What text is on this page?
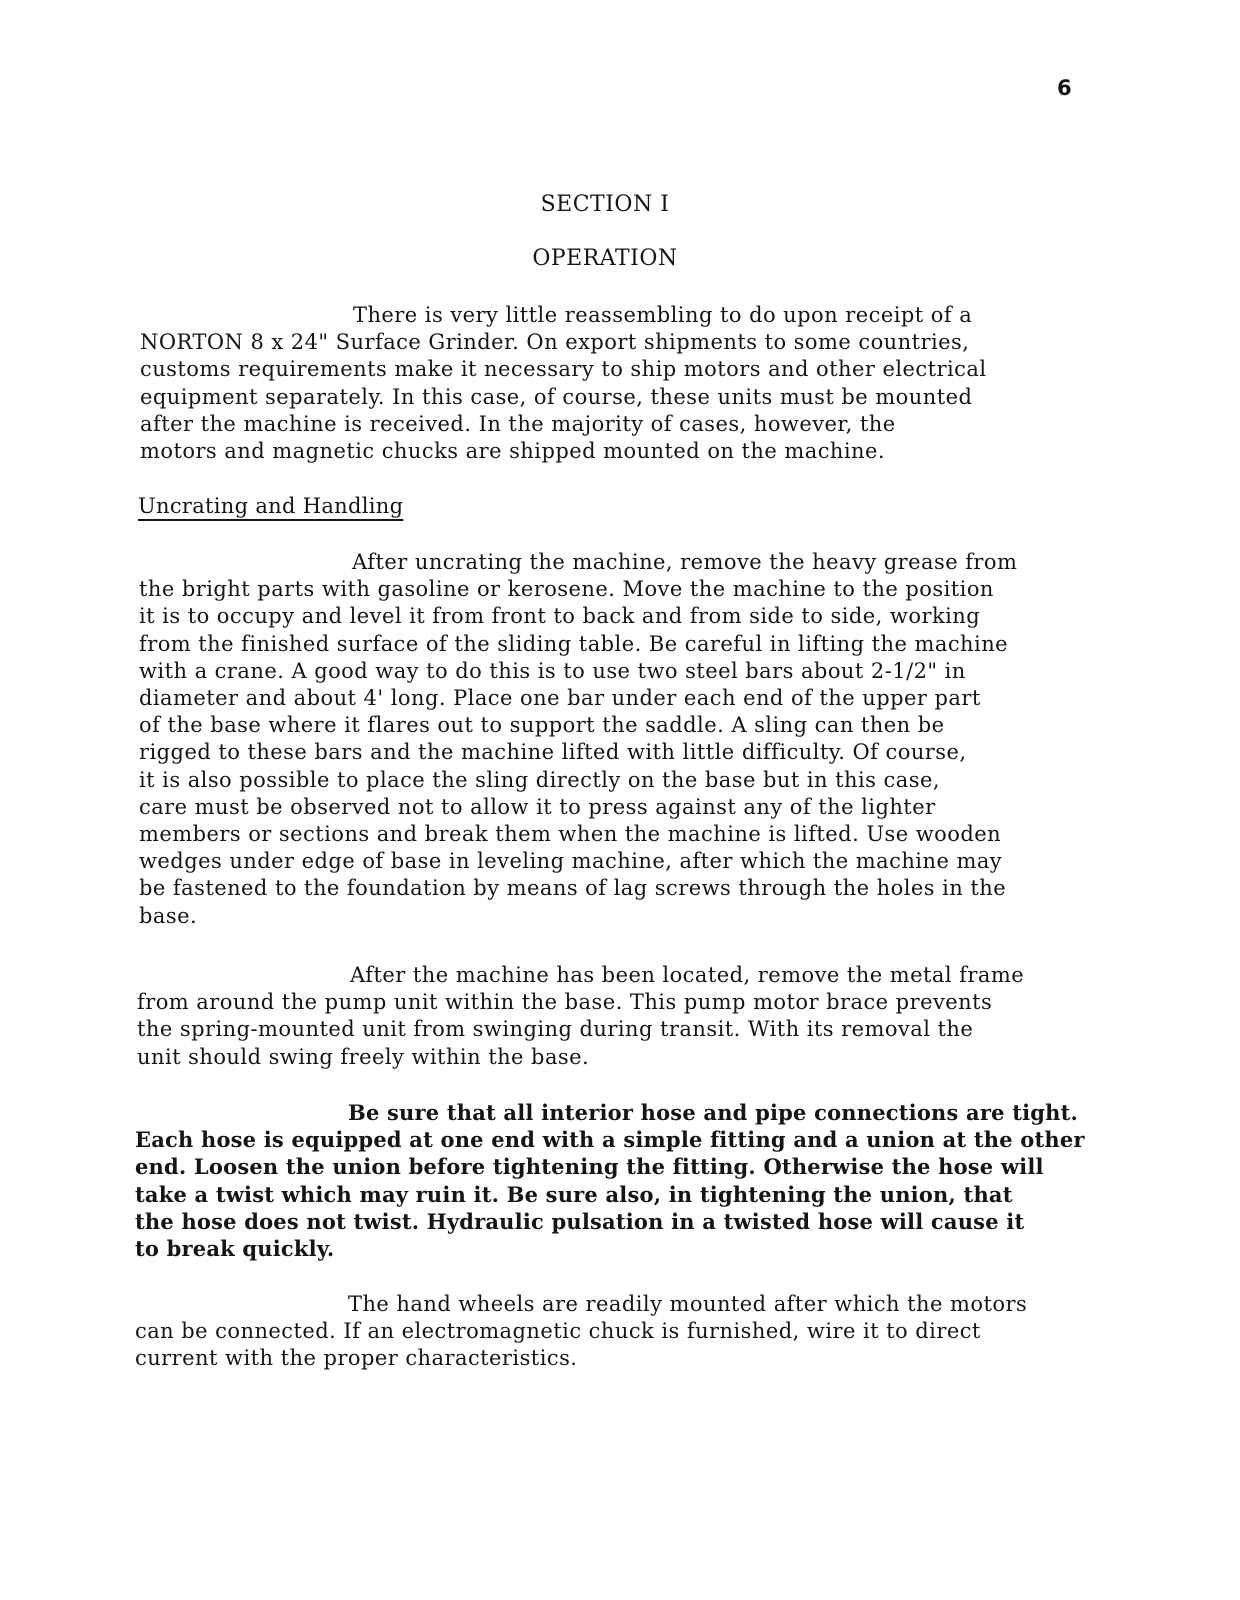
6
SECTION I
OPERATION

There is very little reassembling to do upon receipt of a
NORTON 8 x 24" Surface Grinder. On export shipments to some countries,
customs requirements make it necessary to ship motors and other electrical
equipment separately. In this case, of course, these units must be mounted
after the machine is received. In the majority of cases, however, the
motors and magnetic chucks are shipped mounted on the machine.

Uncrating and Handling

After uncrating the machine, remove the heavy grease from
the bright parts with gasoline or kerosene. Move the machine to the position
it is to occupy and level it from front to back and from side to side, working
from the finished surface of the sliding table. Be careful in lifting the machine
with a crane. A good way to do this is to use two steel bars about 2-1/2" in
diameter and about 4' long. Place one bar under each end of the upper part
of the base where it flares out to support the saddle. A sling can then be
rigged to these bars and the machine lifted with little difficulty. Of course,
it is also possible to place the sling directly on the base but in this case,
care must be observed not to allow it to press against any of the lighter
members or sections and break them when the machine is lifted. Use wooden
wedges under edge of base in leveling machine, after which the machine may
be fastened to the foundation by means of lag screws through the holes in the
base.

After the machine has been located, remove the metal frame
from around the pump unit within the base. This pump motor brace prevents
the spring-mounted unit from swinging during transit. With its removal the
unit should swing freely within the base.

Be sure that all interior hose and pipe connections are tight.
Each hose is equipped at one end with a simple fitting and a union at the other
end. Loosen the union before tightening the fitting. Otherwise the hose will
take a twist which may ruin it. Be sure also, in tightening the union, that
the hose does not twist. Hydraulic pulsation in a twisted hose will cause it
to break quickly.

The hand wheels are readily mounted after which the motors
can be connected. If an electromagnetic chuck is furnished, wire it to direct
current with the proper characteristics.
